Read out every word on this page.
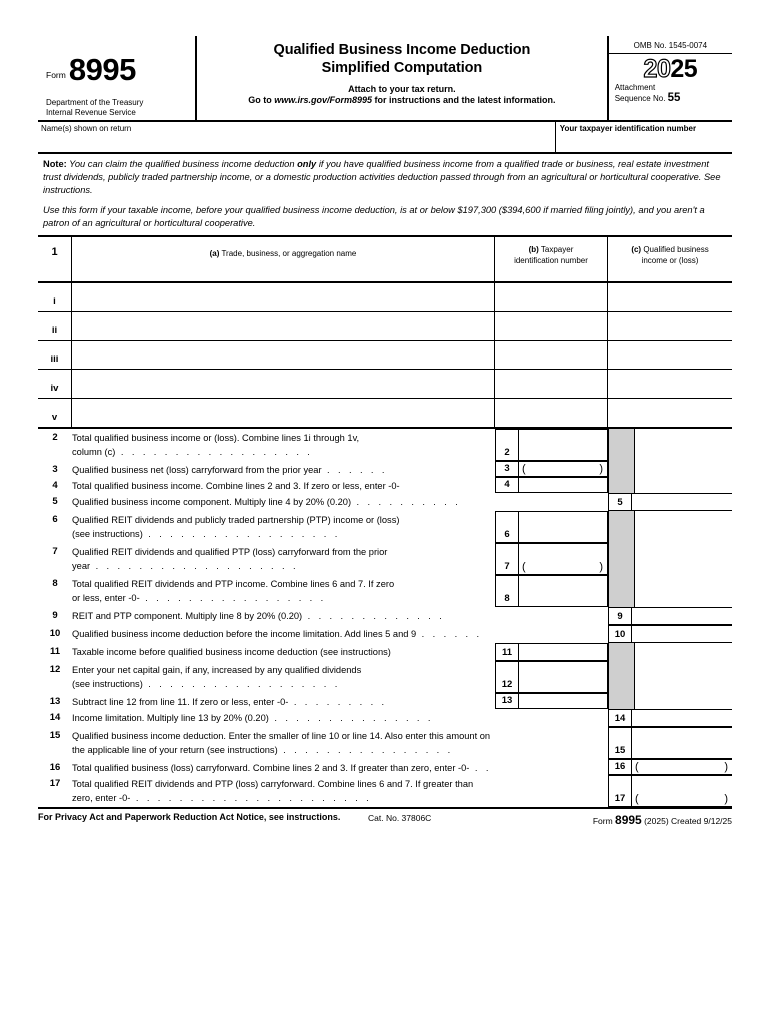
Form 8995
Department of the Treasury
Internal Revenue Service
Qualified Business Income Deduction
Simplified Computation
Attach to your tax return.
Go to www.irs.gov/Form8995 for instructions and the latest information.
OMB No. 1545-0074
2025
Attachment
Sequence No. 55
Name(s) shown on return	Your taxpayer identification number
Note: You can claim the qualified business income deduction only if you have qualified business income from a qualified trade or business, real estate investment trust dividends, publicly traded partnership income, or a domestic production activities deduction passed through from an agricultural or horticultural cooperative. See instructions.
Use this form if your taxable income, before your qualified business income deduction, is at or below $197,300 ($394,600 if married filing jointly), and you aren't a patron of an agricultural or horticultural cooperative.
1	(a) Trade, business, or aggregation name	(b) Taxpayer
identification number
(c) Qualified business
income or (loss)
i
ii
iii
iv
v
2	Total qualified business income or (loss). Combine lines 1i through 1v,
column (c) . . . . . . . . . . . . . . . . . .	2
3	Qualified business net (loss) carryforward from the prior year . . . . . .	3	(	)
4	Total qualified business income. Combine lines 2 and 3. If zero or less, enter -0-	4
5	Qualified business income component. Multiply line 4 by 20% (0.20) . . . . . . . . . .	5
6	Qualified REIT dividends and publicly traded partnership (PTP) income or (loss)
(see instructions) . . . . . . . . . . . . . . . . . .	6
7	Qualified REIT dividends and qualified PTP (loss) carryforward from the prior
year . . . . . . . . . . . . . . . . . . .	7	(	)
8	Total qualified REIT dividends and PTP income. Combine lines 6 and 7. If zero
or less, enter -0- . . . . . . . . . . . . . . . . .	8
9	REIT and PTP component. Multiply line 8 by 20% (0.20) . . . . . . . . . . . . .	9
10	Qualified business income deduction before the income limitation. Add lines 5 and 9 . . . . . .	10
11	Taxable income before qualified business income deduction (see instructions)	11
12	Enter your net capital gain, if any, increased by any qualified dividends
(see instructions) . . . . . . . . . . . . . . . . . .	12
13	Subtract line 12 from line 11. If zero or less, enter -0- . . . . . . . . .	13
14	Income limitation. Multiply line 13 by 20% (0.20) . . . . . . . . . . . . . . .	14
15	Qualified business income deduction. Enter the smaller of line 10 or line 14. Also enter this amount on
the applicable line of your return (see instructions) . . . . . . . . . . . . . . . .	15
16	Total qualified business (loss) carryforward. Combine lines 2 and 3. If greater than zero, enter -0- . .	16 (	)
17	Total qualified REIT dividends and PTP (loss) carryforward. Combine lines 6 and 7. If greater than
zero, enter -0- . . . . . . . . . . . . . . . . . . . . . .	17 (	)
For Privacy Act and Paperwork Reduction Act Notice, see instructions.	Cat. No. 37806C	Form 8995 (2025) Created 9/12/25
